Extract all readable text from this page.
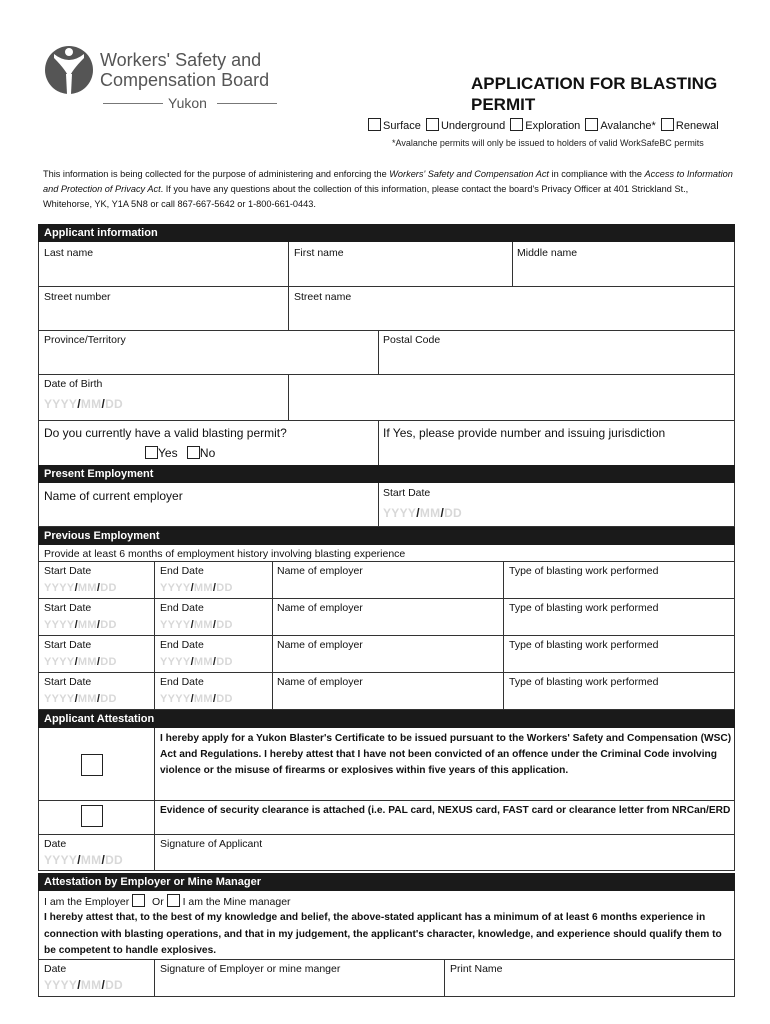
Workers' Safety and
Compensation Board
Yukon
APPLICATION FOR BLASTING PERMIT
Surface Underground Exploration Avalanche* Renewal
*Avalanche permits will only be issued to holders of valid WorkSafeBC permits
This information is being collected for the purpose of administering and enforcing the Workers' Safety and Compensation Act in compliance with the Access to Information and Protection of Privacy Act. If you have any questions about the collection of this information, please contact the board's Privacy Officer at 401 Strickland St., Whitehorse, YK, Y1A 5N8 or call 867-667-5642 or 1-800-661-0443.
Applicant information
Last name	First name	Middle name
Street number	Street name
Province/Territory	Postal Code
Date of Birth
YYYY/MM/DD
Do you currently have a valid blasting permit?	If Yes, please provide number and issuing jurisdiction
Yes No
Present Employment
Name of current employer	Start Date
YYYY/MM/DD
Previous Employment
Provide at least 6 months of employment history involving blasting experience
Start Date	End Date	Name of employer	Type of blasting work performed
YYYY/MM/DD	YYYY/MM/DD
Start Date	End Date	Name of employer	Type of blasting work performed
YYYY/MM/DD	YYYY/MM/DD
Start Date	End Date	Name of employer	Type of blasting work performed
YYYY/MM/DD	YYYY/MM/DD
Start Date	End Date	Name of employer	Type of blasting work performed
YYYY/MM/DD	YYYY/MM/DD
Applicant Attestation
I hereby apply for a Yukon Blaster's Certificate to be issued pursuant to the Workers' Safety and Compensation (WSC) Act and Regulations. I hereby attest that I have not been convicted of an offence under the Criminal Code involving violence or the misuse of firearms or explosives within five years of this application.
Evidence of security clearance is attached (i.e. PAL card, NEXUS card, FAST card or clearance letter from NRCan/ERD
Date
YYYY/MM/DD
Signature of Applicant
Attestation by Employer or Mine Manager
I am the Employer Or I am the Mine manager
I hereby attest that, to the best of my knowledge and belief, the above-stated applicant has a minimum of at least 6 months experience in connection with blasting operations, and that in my judgement, the applicant's character, knowledge, and experience should qualify them to be competent to handle explosives.
Date
YYYY/MM/DD
Signature of Employer or mine manger	Print Name
